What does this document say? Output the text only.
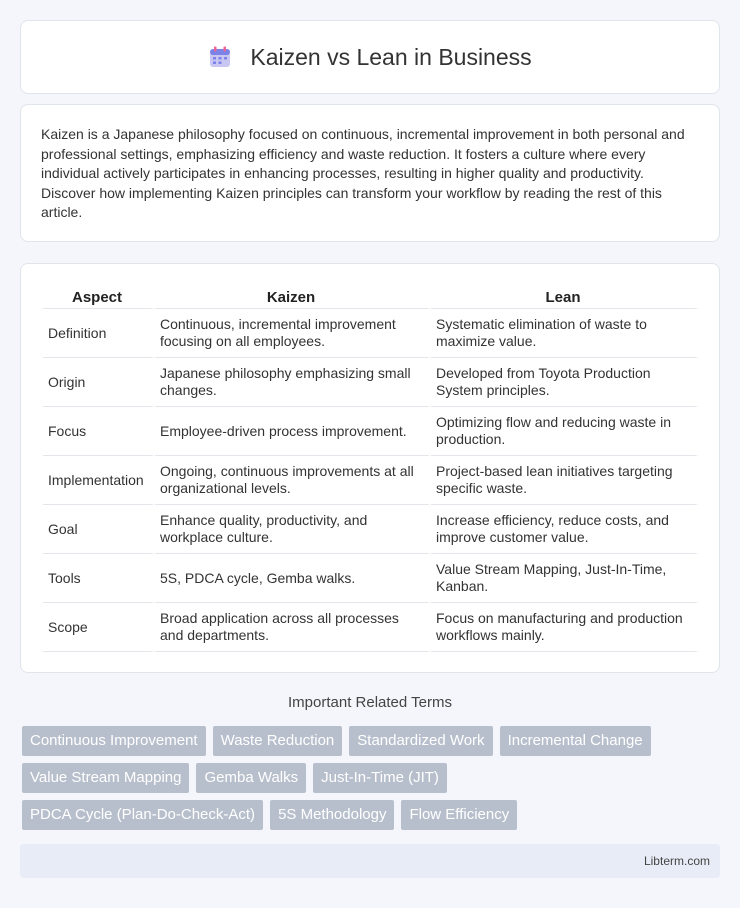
Kaizen vs Lean in Business

Kaizen is a Japanese philosophy focused on continuous, incremental improvement in both personal and professional settings, emphasizing efficiency and waste reduction. It fosters a culture where every individual actively participates in enhancing processes, resulting in higher quality and productivity. Discover how implementing Kaizen principles can transform your workflow by reading the rest of this article.

Aspect	Kaizen	Lean
Definition	Continuous, incremental improvement focusing on all employees.	Systematic elimination of waste to maximize value.
Origin	Japanese philosophy emphasizing small changes.	Developed from Toyota Production System principles.
Focus	Employee-driven process improvement.	Optimizing flow and reducing waste in production.
Implementation	Ongoing, continuous improvements at all organizational levels.	Project-based lean initiatives targeting specific waste.
Goal	Enhance quality, productivity, and workplace culture.	Increase efficiency, reduce costs, and improve customer value.
Tools	5S, PDCA cycle, Gemba walks.	Value Stream Mapping, Just-In-Time, Kanban.
Scope	Broad application across all processes and departments.	Focus on manufacturing and production workflows mainly.
Important Related Terms
Continuous Improvement	Waste Reduction	Standardized Work	Incremental Change
Value Stream Mapping	Gemba Walks	Just-In-Time (JIT)
PDCA Cycle (Plan-Do-Check-Act)	5S Methodology	Flow Efficiency
Libterm.com
